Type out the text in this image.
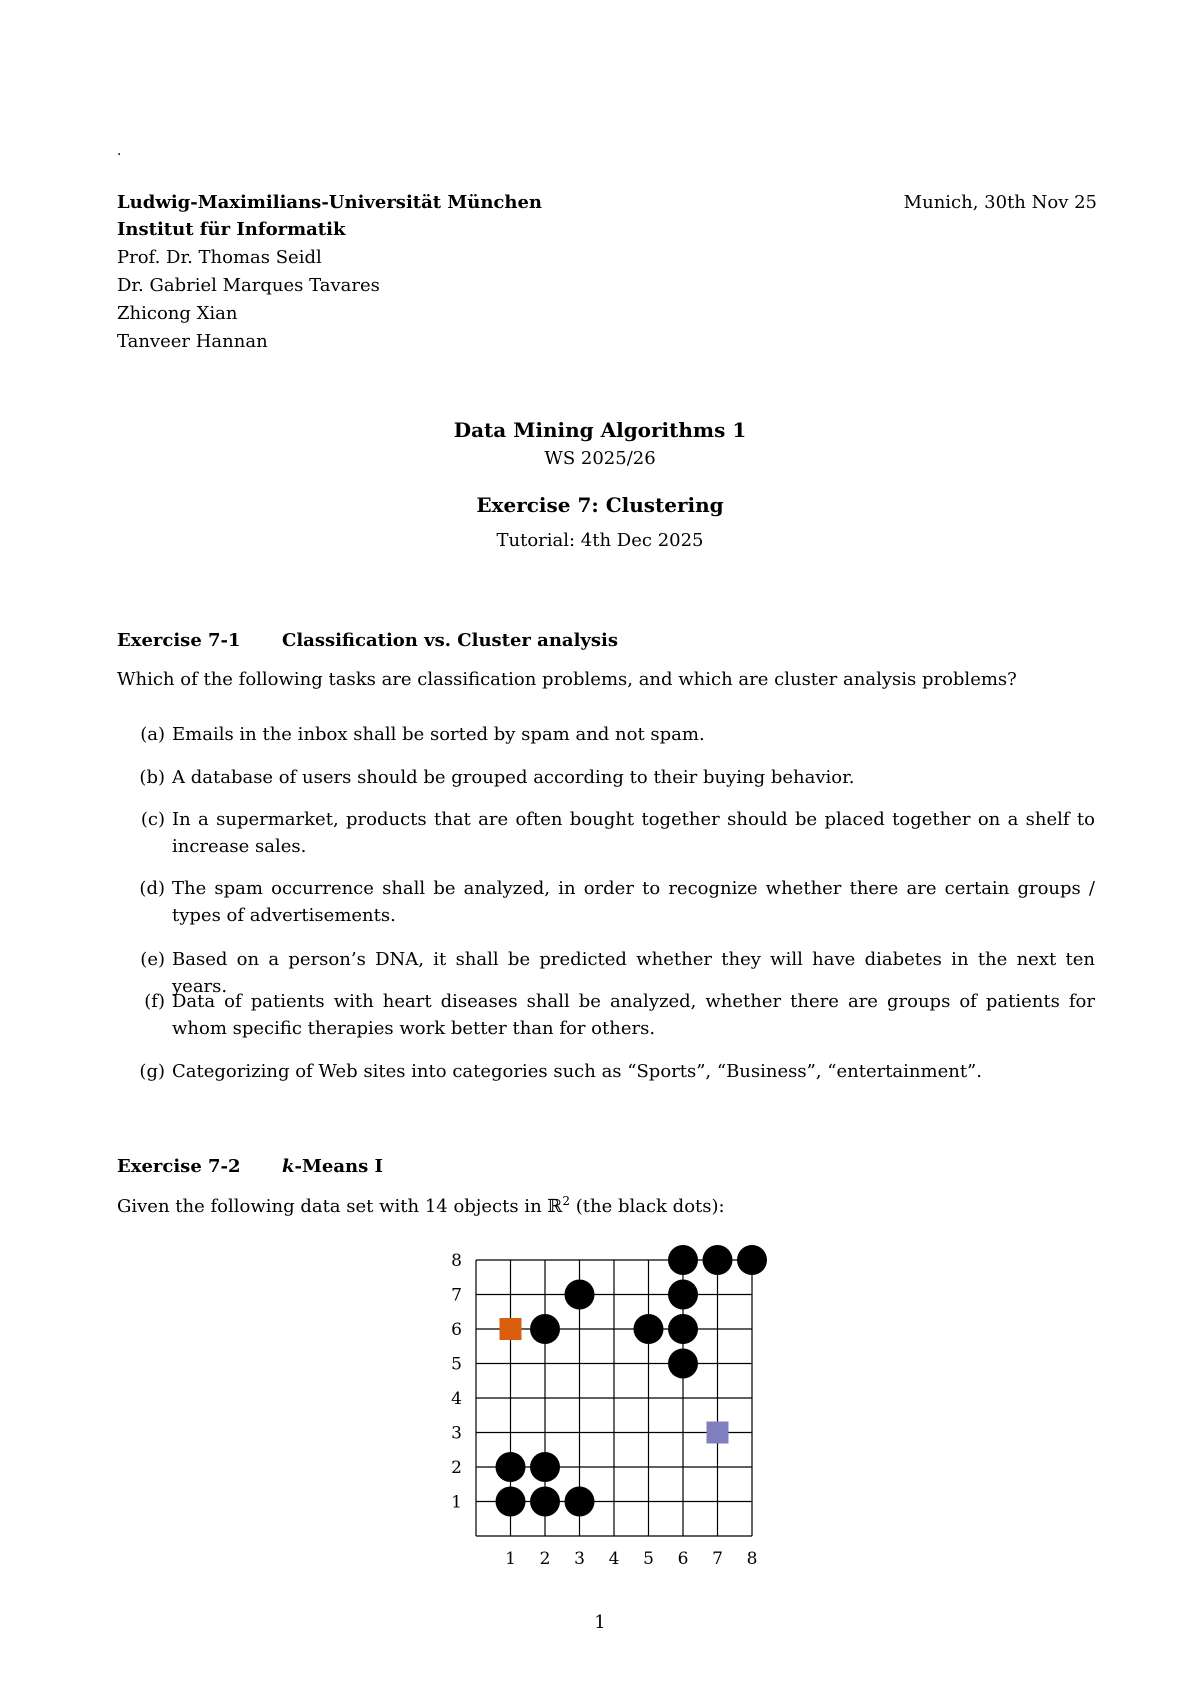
.
Ludwig-Maximilians-Universität München	Munich, 30th Nov 25
Institut für Informatik
Prof. Dr. Thomas Seidl
Dr. Gabriel Marques Tavares
Zhicong Xian
Tanveer Hannan
Data Mining Algorithms 1
WS 2025/26
Exercise 7: Clustering
Tutorial: 4th Dec 2025
Exercise 7-1 Classification vs. Cluster analysis
Which of the following tasks are classification problems, and which are cluster analysis problems?
(a) Emails in the inbox shall be sorted by spam and not spam.
(b) A database of users should be grouped according to their buying behavior.
(c) In a supermarket, products that are often bought together should be placed together on a shelf to increase sales.
(d) The spam occurrence shall be analyzed, in order to recognize whether there are certain groups / types of advertisements.
(e) Based on a person’s DNA, it shall be predicted whether they will have diabetes in the next ten years.
(f) Data of patients with heart diseases shall be analyzed, whether there are groups of patients for whom specific therapies work better than for others.
(g) Categorizing of Web sites into categories such as “Sports”, “Business”, “entertainment”.
Exercise 7-2 k-Means I
Given the following data set with 14 objects in ℝ$^2$ (the black dots):
1 2 3 4 5 6 7 8
1
2
3
4
5
6
7
8
1
